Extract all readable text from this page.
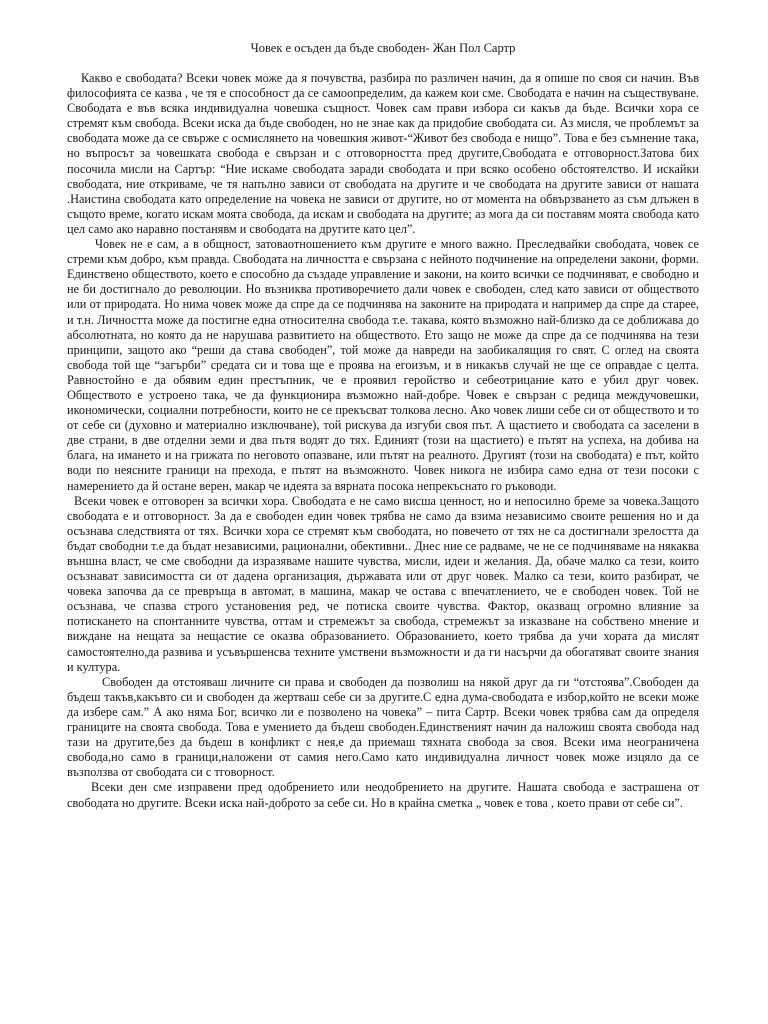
Човек е осъден да бъде свободен- Жан Пол Сартр

Какво е свободата? Всеки човек може да я почувства, разбира по различен начин, да я опише по своя си начин. Във философията се казва , че тя е способност да се самоопределим, да кажем кои сме. Свободата е начин на съществуване. Свободата е във всяка индивидуална човешка същност. Човек сам прави избора си какъв да бъде. Всички хора се стремят към свобода. Всеки иска да бъде свободен, но не знае как да придобие свободата си. Аз мисля, че проблемът за свободата може да се свърже с осмислянето на човешкия живот-“Живот без свобода е нищо”. Това е без съмнение така, но въпросът за човешката свобода е свързан и с отговорността пред другите,Свободата е отговорност.Затова бих посочила мисли на Сартър: “Ние искаме свободата заради свободата и при всяко особено обстоятелство. И искайки свободата, ние откриваме, че тя напълно зависи от свободата на другите и че свободата на другите зависи от нашата .Наистина свободата като определение на човека не зависи от другите, но от момента на обвързването аз съм длъжен в същото време, когато искам моята свобода, да искам и свободата на другите; аз мога да си поставям моята свобода като цел само ако наравно постанявм и свободата на другите като цел”.

Човек не е сам, а в общност, затоваотношението към другите е много важно. Преследвайки свободата, човек се стреми към добро, към правда. Свободата на личността е свързана с нейното подчинение на определени закони, форми. Единствено обществото, което е способно да създаде управление и закони, на които всички се подчиняват, е свободно и не би достигнало до революции. Но възниква противоречието дали човек е свободен, след като зависи от обществото или от природата. Но нима човек може да спре да се подчинява на законите на природата и например да спре да старее, и т.н. Личността може да постигне една относителна свобода т.е. такава, която възможно най-близко да се доближава до абсолютната, но която да не нарушава развитието на обществото. Ето защо не може да спре да се подчинява на тези принципи, защото ако “реши да става свободен”, той може да навреди на заобикалящия го свят. С оглед на своята свобода той ще “загърби” средата си и това ще е проява на егоизъм, и в никакъв случай не ще се оправдае с целта. Равностойно е да обявим един престъпник, че е проявил геройство и себеотрицание като е убил друг човек. Обществото е устроено така, че да функционира възможно най-добре. Човек е свързан с редица междучовешки, икономически, социални потребности, които не се прекъсват толкова лесно. Ако човек лиши себе си от обществото и то от себе си (духовно и материално изключване), той рискува да изгуби своя път. А щастието и свободата са заселени в две страни, в две отделни земи и два пътя водят до тях. Единият (този на щастието) е пътят на успеха, на добива на блага, на имането и на грижата по неговото опазване, или пътят на реалното. Другият (този на свободата) е път, който води по неясните граници на прехода, е пътят на възможното. Човек никога не избира само една от тези посоки с намерението да й остане верен, макар че идеята за вярната посока непрекъснато го ръководи.

Всеки човек е отговорен за всички хора. Свободата е не само висша ценност, но и непосилно бреме за човека.Защото свободата е и отговорност. За да е свободен един човек трябва не само да взима независимо своите решения но и да осъзнава следствията от тях. Всички хора се стремят към свободата, но повечето от тях не са достигнали зрелостта да бъдат свободни т.е да бъдат независими, рационални, обективни.. Днес ние се радваме, че не се подчиняваме на някаква външна власт, че сме свободни да изразяваме нашите чувства, мисли, идеи и желания. Да, обаче малко са тези, които осъзнават зависимостта си от дадена организация, държавата или от друг човек. Малко са тези, които разбират, че човека започва да се превръща в автомат, в машина, макар че остава с впечатлението, че е свободен човек. Той не осъзнава, че спазва строго установения ред, че потиска своите чувства. Фактор, оказващ огромно влияние за потискането на спонтанните чувства, оттам и стремежът за свобода, стремежът за изказване на собствено мнение и виждане на нещата за нещастие се оказва образованието. Образованието, което трябва да учи хората да мислят самостоятелно,да развива и усъвършенсва техните умствени възможности и да ги насърчи да обогатяват своите знания и култура.

Свободен да отстояваш личните си права и свободен да позволиш на някой друг да ги “отстоява”.Свободен да бъдеш такъв,какъвто си и свободен да жертваш себе си за другите.С една дума-свободата е избор,който не всеки може да избере сам.” А ако няма Бог, всичко ли е позволено на човека” – пита Сартр. Всеки човек трябва сам да определя границите на своята свобода. Това е умението да бъдеш свободен.Единственият начин да наложиш своята свобода над тази на другите,без да бъдеш в конфликт с нея,е да приемаш тяхната свобода за своя. Всеки има неограничена свобода,но само в граници,наложени от самия него.Само като индивидуална личност човек може изцяло да се възползва от свободата си с тговорност.

Всеки ден сме изправени пред одобрението или неодобрението на другите. Нашата свобода е застрашена от свободата но другите. Всеки иска най-доброто за себе си. Но в крайна сметка „ човек е това , което прави от себе си”.
